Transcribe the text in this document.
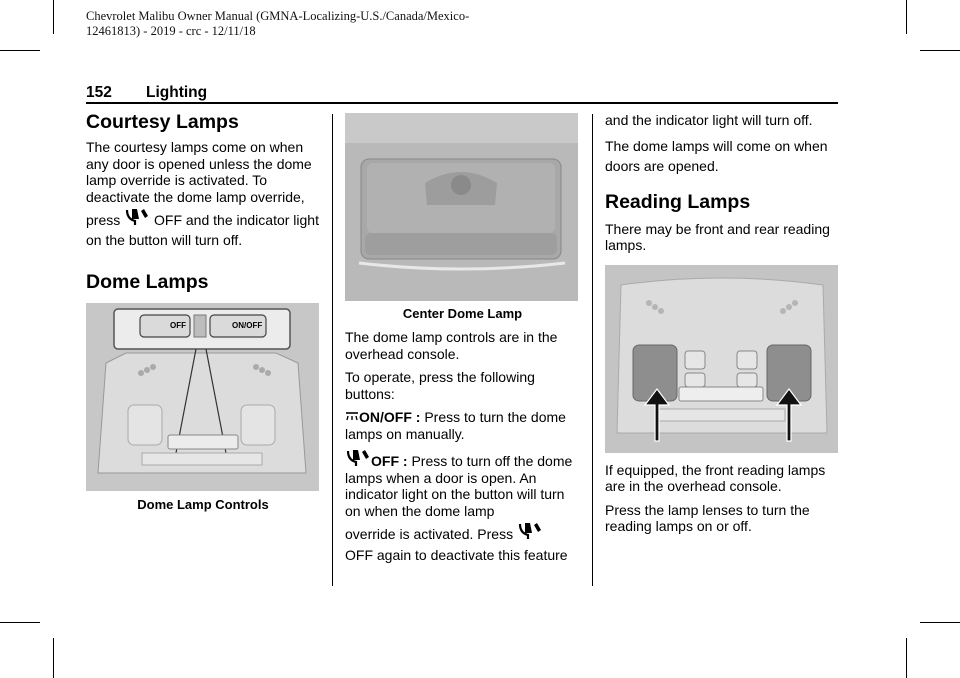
Chevrolet Malibu Owner Manual (GMNA-Localizing-U.S./Canada/Mexico-
12461813) - 2019 - crc - 12/11/18
152 Lighting
Courtesy Lamps

The courtesy lamps come on when any door is opened unless the dome lamp override is activated. To deactivate the dome lamp override,

press OFF and the indicator light on the button will turn off.

Dome Lamps
OFF	ON/OFF
Dome Lamp Controls
Center Dome Lamp

The dome lamp controls are in the overhead console.

To operate, press the following buttons:

ON/OFF : Press to turn the dome lamps on manually.

OFF : Press to turn off the dome lamps when a door is open. An indicator light on the button will turn on when the dome lamp

override is activated. Press

OFF again to deactivate this feature

and the indicator light will turn off.

The dome lamps will come on when doors are opened.

Reading Lamps

There may be front and rear reading lamps.

If equipped, the front reading lamps are in the overhead console.

Press the lamp lenses to turn the reading lamps on or off.
